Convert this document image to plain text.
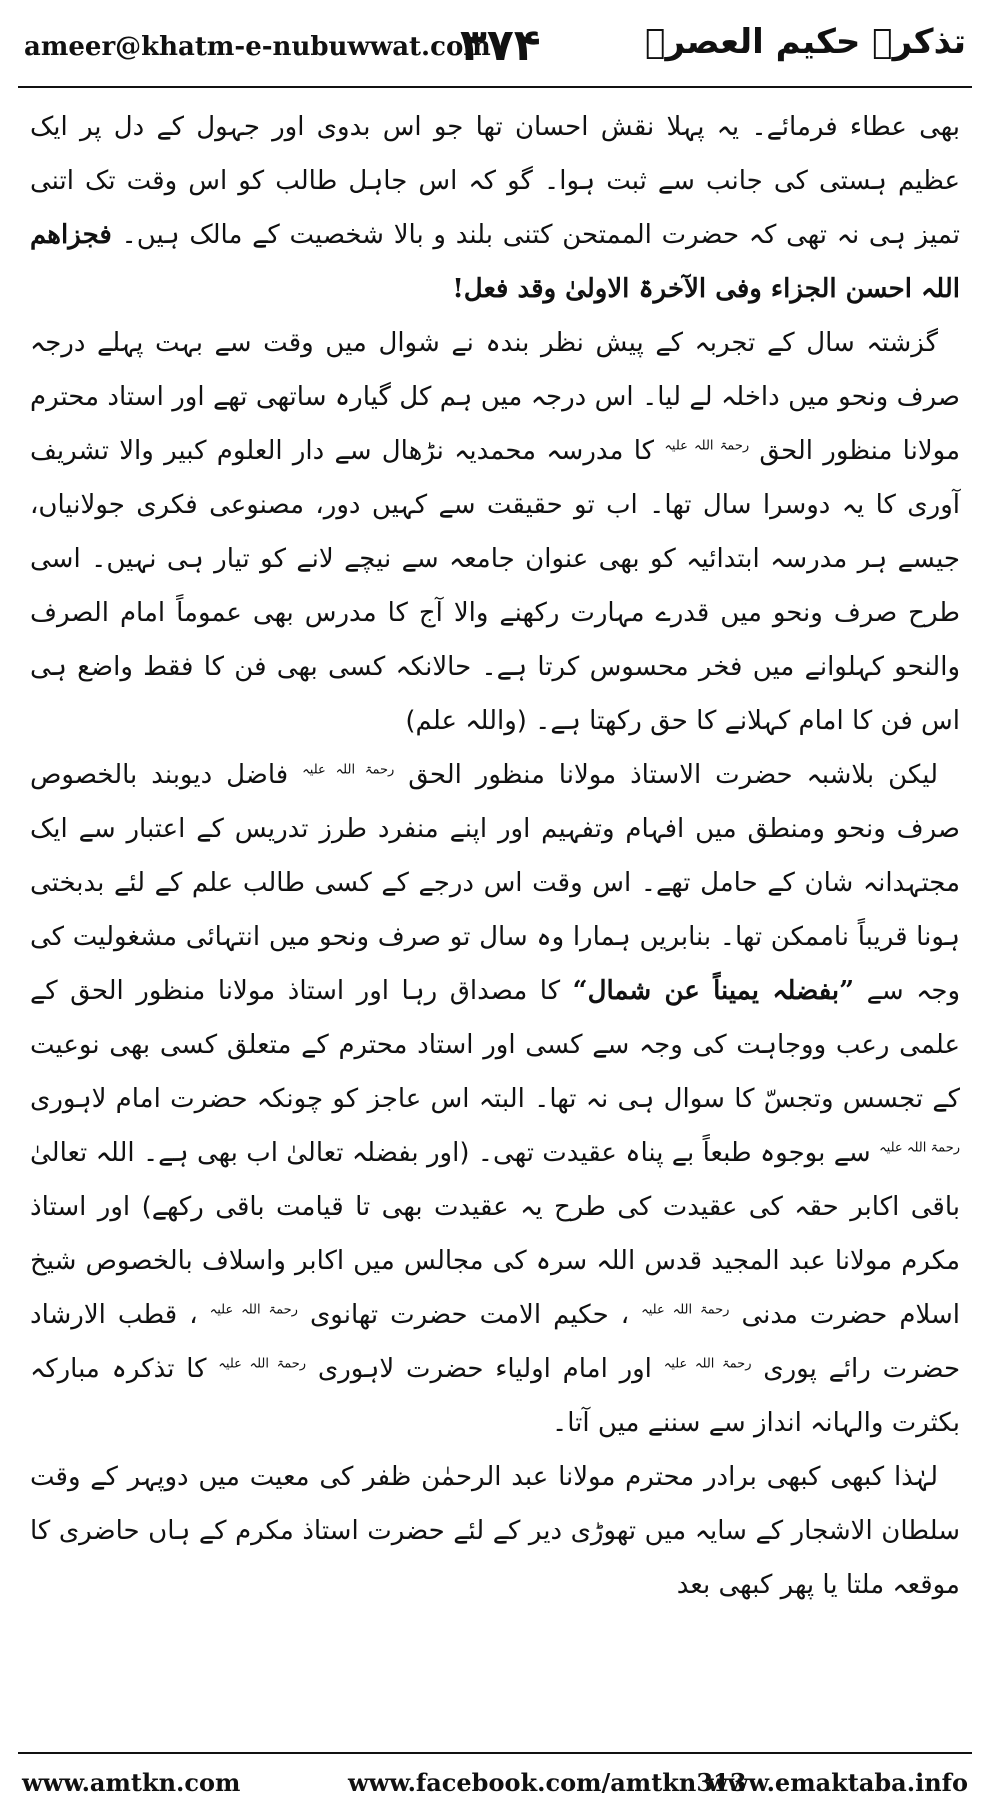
ameer@khatm-e-nubuwwat.com
۳۷۴	تذکرہ حکیم العصرؒ

بھی عطاء فرمائے۔ یہ پہلا نقش احسان تھا جو اس بدوی اور جہول کے دل پر ایک عظیم ہستی کی جانب سے ثبت ہوا۔ گو کہ اس جاہل طالب کو اس وقت تک اتنی تمیز ہی نہ تھی کہ حضرت الممتحن کتنی بلند و بالا شخصیت کے مالک ہیں۔ فجزاھم اللہ احسن الجزاء وفی الآخرۃ الاولیٰ وقد فعل!

گزشتہ سال کے تجربہ کے پیش نظر بندہ نے شوال میں وقت سے بہت پہلے درجہ صرف ونحو میں داخلہ لے لیا۔ اس درجہ میں ہم کل گیارہ ساتھی تھے اور استاد محترم مولانا منظور الحق $^{رحمۃ اللہ علیہ}$ کا مدرسہ محمدیہ نڑھال سے دار العلوم کبیر والا تشریف آوری کا یہ دوسرا سال تھا۔ اب تو حقیقت سے کہیں دور، مصنوعی فکری جولانیاں، جیسے ہر مدرسہ ابتدائیہ کو بھی عنوان جامعہ سے نیچے لانے کو تیار ہی نہیں۔ اسی طرح صرف ونحو میں قدرے مہارت رکھنے والا آج کا مدرس بھی عموماً امام الصرف والنحو کہلوانے میں فخر محسوس کرتا ہے۔ حالانکہ کسی بھی فن کا فقط واضع ہی اس فن کا امام کہلانے کا حق رکھتا ہے۔ (واللہ علم)

لیکن بلاشبہ حضرت الاستاذ مولانا منظور الحق $^{رحمۃ اللہ علیہ}$ فاضل دیوبند بالخصوص صرف ونحو ومنطق میں افہام وتفہیم اور اپنے منفرد طرز تدریس کے اعتبار سے ایک مجتہدانہ شان کے حامل تھے۔ اس وقت اس درجے کے کسی طالب علم کے لئے بدبختی ہونا قریباً ناممکن تھا۔ بنابریں ہمارا وہ سال تو صرف ونحو میں انتہائی مشغولیت کی وجہ سے ”بفضلہ یمیناً عن شمال“ کا مصداق رہا اور استاذ مولانا منظور الحق کے علمی رعب ووجاہت کی وجہ سے کسی اور استاد محترم کے متعلق کسی بھی نوعیت کے تجسس وتجسّ کا سوال ہی نہ تھا۔ البتہ اس عاجز کو چونکہ حضرت امام لاہوری $^{رحمۃ اللہ علیہ}$ سے بوجوہ طبعاً بے پناہ عقیدت تھی۔ (اور بفضلہ تعالیٰ اب بھی ہے۔ اللہ تعالیٰ باقی اکابر حقہ کی عقیدت کی طرح یہ عقیدت بھی تا قیامت باقی رکھے) اور استاذ مکرم مولانا عبد المجید قدس اللہ سرہ کی مجالس میں اکابر واسلاف بالخصوص شیخ اسلام حضرت مدنی $^{رحمۃ اللہ علیہ}$ ، حکیم الامت حضرت تھانوی $^{رحمۃ اللہ علیہ}$ ، قطب الارشاد حضرت رائے پوری $^{رحمۃ اللہ علیہ}$ اور امام اولیاء حضرت لاہوری $^{رحمۃ اللہ علیہ}$ کا تذکرہ مبارکہ بکثرت والہانہ انداز سے سننے میں آتا۔

لہٰذا کبھی کبھی برادر محترم مولانا عبد الرحمٰن ظفر کی معیت میں دوپہر کے وقت سلطان الاشجار کے سایہ میں تھوڑی دیر کے لئے حضرت استاذ مکرم کے ہاں حاضری کا موقعہ ملتا یا پھر کبھی بعد

www.amtkn.com	www.facebook.com/amtkn313
www.emaktaba.info
